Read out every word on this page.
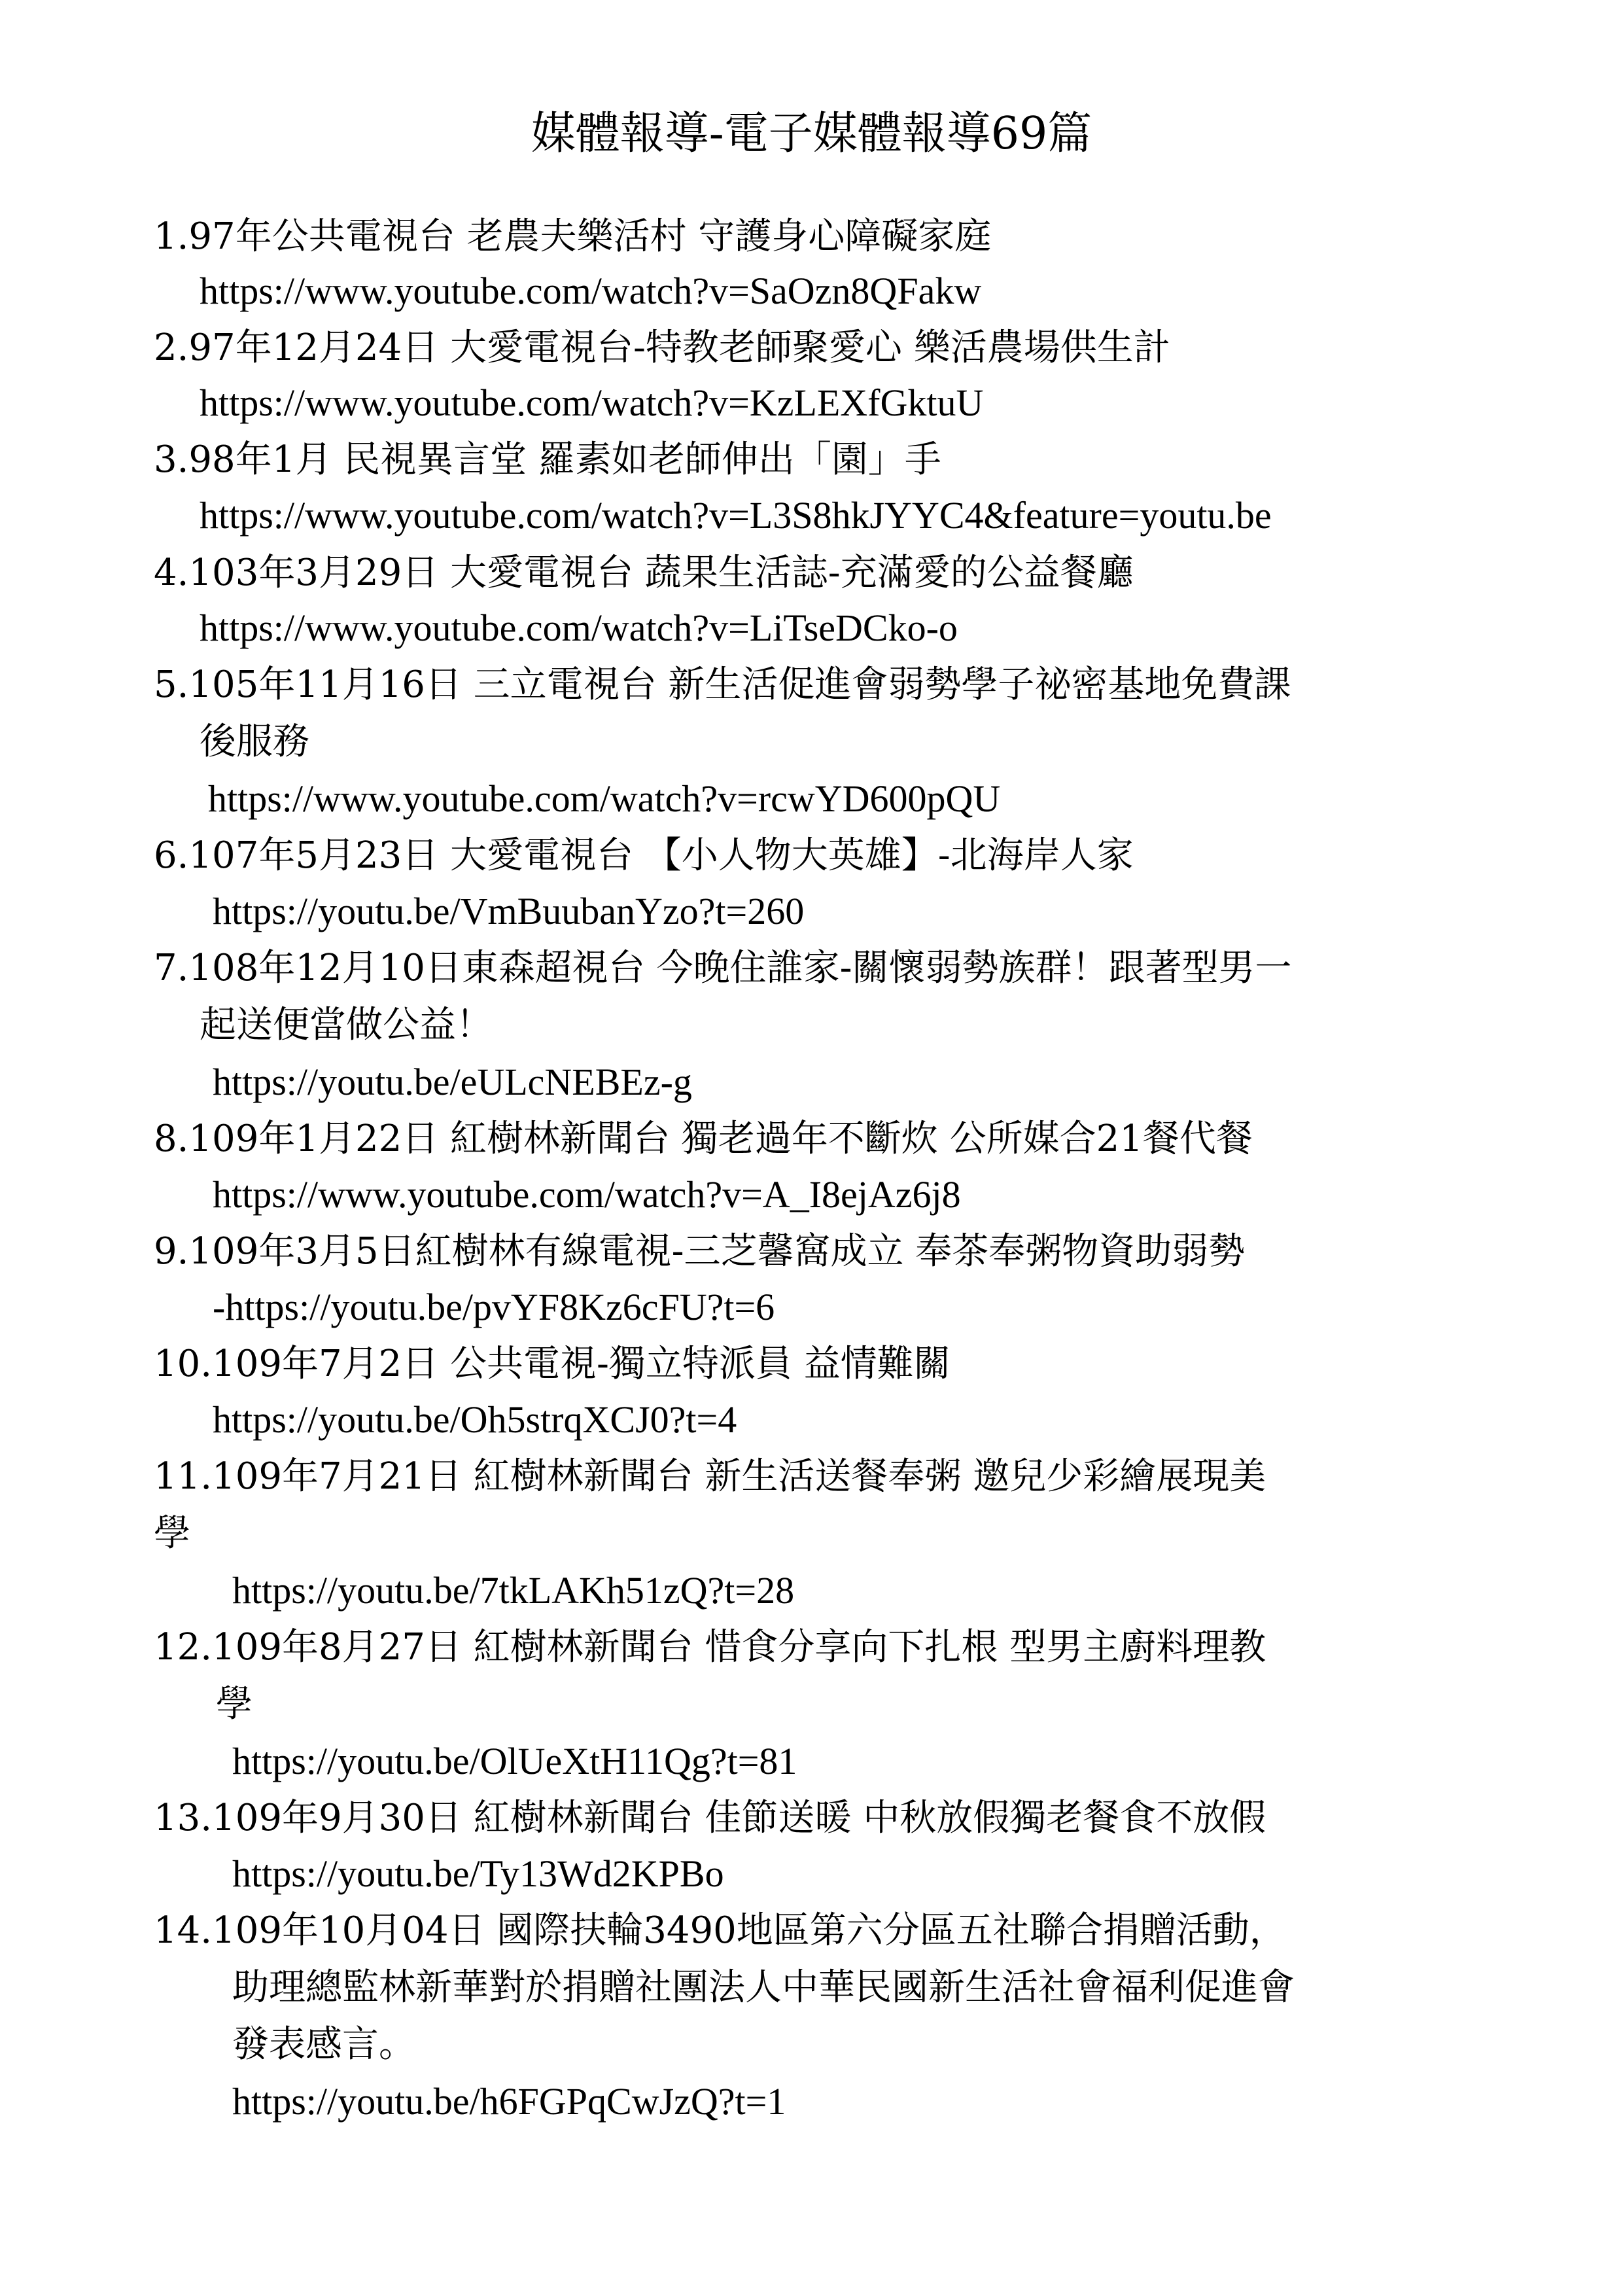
媒體報導-電子媒體報導69篇
1.97年公共電視台 老農夫樂活村 守護身心障礙家庭
https://www.youtube.com/watch?v=SaOzn8QFakw
2.97年12月24日 大愛電視台-特教老師聚愛心 樂活農場供生計
https://www.youtube.com/watch?v=KzLEXfGktuU
3.98年1月 民視異言堂 羅素如老師伸出「園」手
https://www.youtube.com/watch?v=L3S8hkJYYC4&feature=youtu.be
4.103年3月29日 大愛電視台 蔬果生活誌-充滿愛的公益餐廳
https://www.youtube.com/watch?v=LiTseDCko-o
5.105年11月16日 三立電視台 新生活促進會弱勢學子祕密基地免費課
後服務
https://www.youtube.com/watch?v=rcwYD600pQU
6.107年5月23日 大愛電視台 【小人物大英雄】-北海岸人家
https://youtu.be/VmBuubanYzo?t=260
7.108年12月10日東森超視台 今晚住誰家-關懷弱勢族群！跟著型男一
起送便當做公益！
https://youtu.be/eULcNEBEz-g
8.109年1月22日 紅樹林新聞台 獨老過年不斷炊 公所媒合21餐代餐
https://www.youtube.com/watch?v=A_I8ejAz6j8
9.109年3月5日紅樹林有線電視-三芝馨窩成立 奉茶奉粥物資助弱勢
-https://youtu.be/pvYF8Kz6cFU?t=6
10.109年7月2日 公共電視-獨立特派員 益情難關
https://youtu.be/Oh5strqXCJ0?t=4
11.109年7月21日 紅樹林新聞台 新生活送餐奉粥 邀兒少彩繪展現美
學
https://youtu.be/7tkLAKh51zQ?t=28
12.109年8月27日 紅樹林新聞台 惜食分享向下扎根 型男主廚料理教
學
https://youtu.be/OlUeXtH11Qg?t=81
13.109年9月30日 紅樹林新聞台 佳節送暖 中秋放假獨老餐食不放假
https://youtu.be/Ty13Wd2KPBo
14.109年10月04日 國際扶輪3490地區第六分區五社聯合捐贈活動，
助理總監林新華對於捐贈社團法人中華民國新生活社會福利促進會
發表感言。
https://youtu.be/h6FGPqCwJzQ?t=1
